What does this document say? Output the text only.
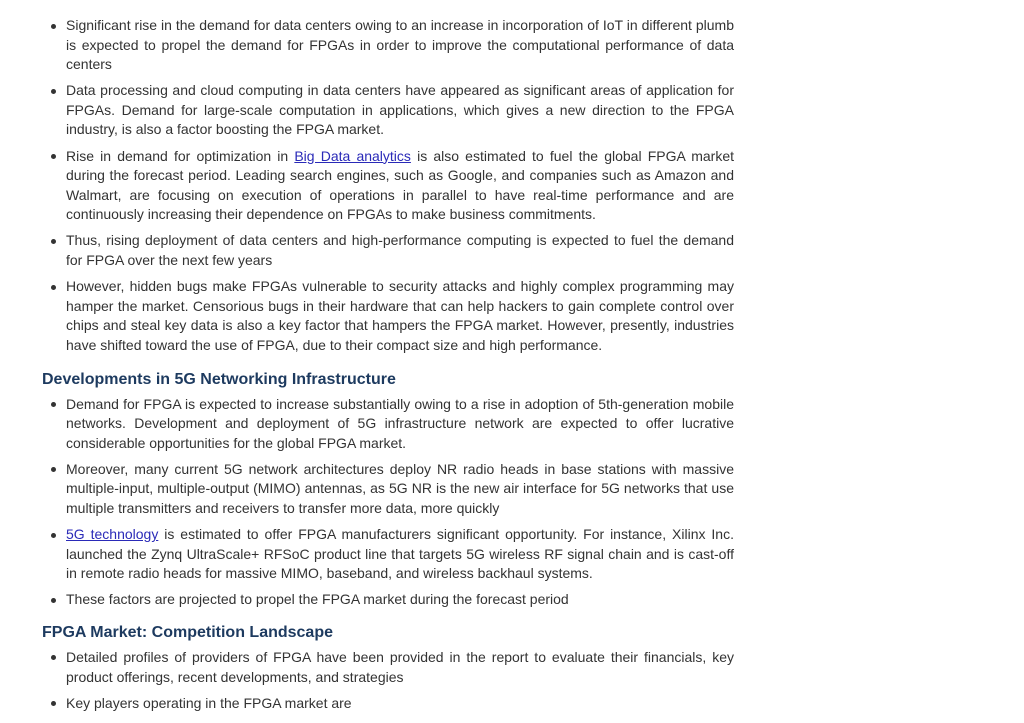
Significant rise in the demand for data centers owing to an increase in incorporation of IoT in different plumb is expected to propel the demand for FPGAs in order to improve the computational performance of data centers
Data processing and cloud computing in data centers have appeared as significant areas of application for FPGAs. Demand for large-scale computation in applications, which gives a new direction to the FPGA industry, is also a factor boosting the FPGA market.
Rise in demand for optimization in Big Data analytics is also estimated to fuel the global FPGA market during the forecast period. Leading search engines, such as Google, and companies such as Amazon and Walmart, are focusing on execution of operations in parallel to have real-time performance and are continuously increasing their dependence on FPGAs to make business commitments.
Thus, rising deployment of data centers and high-performance computing is expected to fuel the demand for FPGA over the next few years
However, hidden bugs make FPGAs vulnerable to security attacks and highly complex programming may hamper the market. Censorious bugs in their hardware that can help hackers to gain complete control over chips and steal key data is also a key factor that hampers the FPGA market. However, presently, industries have shifted toward the use of FPGA, due to their compact size and high performance.
Developments in 5G Networking Infrastructure
Demand for FPGA is expected to increase substantially owing to a rise in adoption of 5th-generation mobile networks. Development and deployment of 5G infrastructure network are expected to offer lucrative considerable opportunities for the global FPGA market.
Moreover, many current 5G network architectures deploy NR radio heads in base stations with massive multiple-input, multiple-output (MIMO) antennas, as 5G NR is the new air interface for 5G networks that use multiple transmitters and receivers to transfer more data, more quickly
5G technology is estimated to offer FPGA manufacturers significant opportunity. For instance, Xilinx Inc. launched the Zynq UltraScale+ RFSoC product line that targets 5G wireless RF signal chain and is cast-off in remote radio heads for massive MIMO, baseband, and wireless backhaul systems.
These factors are projected to propel the FPGA market during the forecast period
FPGA Market: Competition Landscape
Detailed profiles of providers of FPGA have been provided in the report to evaluate their financials, key product offerings, recent developments, and strategies
Key players operating in the FPGA market are
